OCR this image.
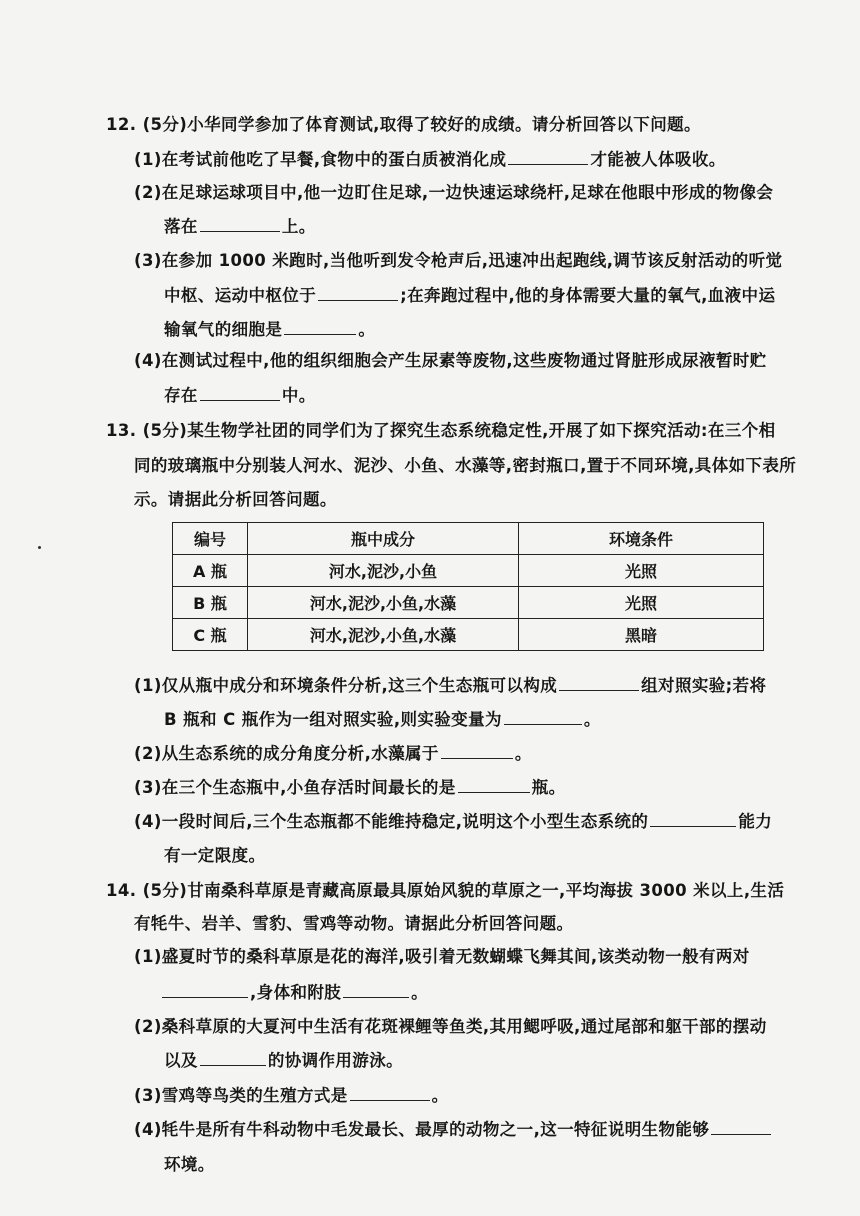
12. (5分)小华同学参加了体育测试,取得了较好的成绩。请分析回答以下问题。
(1)在考试前他吃了早餐,食物中的蛋白质被消化成	才能被人体吸收。
(2)在足球运球项目中,他一边盯住足球,一边快速运球绕杆,足球在他眼中形成的物像会
落在	上。
(3)在参加 1000 米跑时,当他听到发令枪声后,迅速冲出起跑线,调节该反射活动的听觉
中枢、运动中枢位于	;在奔跑过程中,他的身体需要大量的氧气,血液中运
输氧气的细胞是	。
(4)在测试过程中,他的组织细胞会产生尿素等废物,这些废物通过肾脏形成尿液暂时贮
存在	中。
13. (5分)某生物学社团的同学们为了探究生态系统稳定性,开展了如下探究活动:在三个相
同的玻璃瓶中分别装人河水、泥沙、小鱼、水藻等,密封瓶口,置于不同环境,具体如下表所
示。请据此分析回答问题。
编号	瓶中成分	环境条件
A 瓶	河水,泥沙,小鱼	光照
B 瓶	河水,泥沙,小鱼,水藻	光照
C 瓶	河水,泥沙,小鱼,水藻	黑暗
(1)仅从瓶中成分和环境条件分析,这三个生态瓶可以构成	组对照实验;若将
B 瓶和 C 瓶作为一组对照实验,则实验变量为	。
(2)从生态系统的成分角度分析,水藻属于	。
(3)在三个生态瓶中,小鱼存活时间最长的是	瓶。
(4)一段时间后,三个生态瓶都不能维持稳定,说明这个小型生态系统的	能力
有一定限度。
14. (5分)甘南桑科草原是青藏高原最具原始风貌的草原之一,平均海拔 3000 米以上,生活
有牦牛、岩羊、雪豹、雪鸡等动物。请据此分析回答问题。
(1)盛夏时节的桑科草原是花的海洋,吸引着无数蝴蝶飞舞其间,该类动物一般有两对
,身体和附肢	。
(2)桑科草原的大夏河中生活有花斑裸鲤等鱼类,其用鳃呼吸,通过尾部和躯干部的摆动
以及	的协调作用游泳。
(3)雪鸡等鸟类的生殖方式是	。
(4)牦牛是所有牛科动物中毛发最长、最厚的动物之一,这一特征说明生物能够
环境。
